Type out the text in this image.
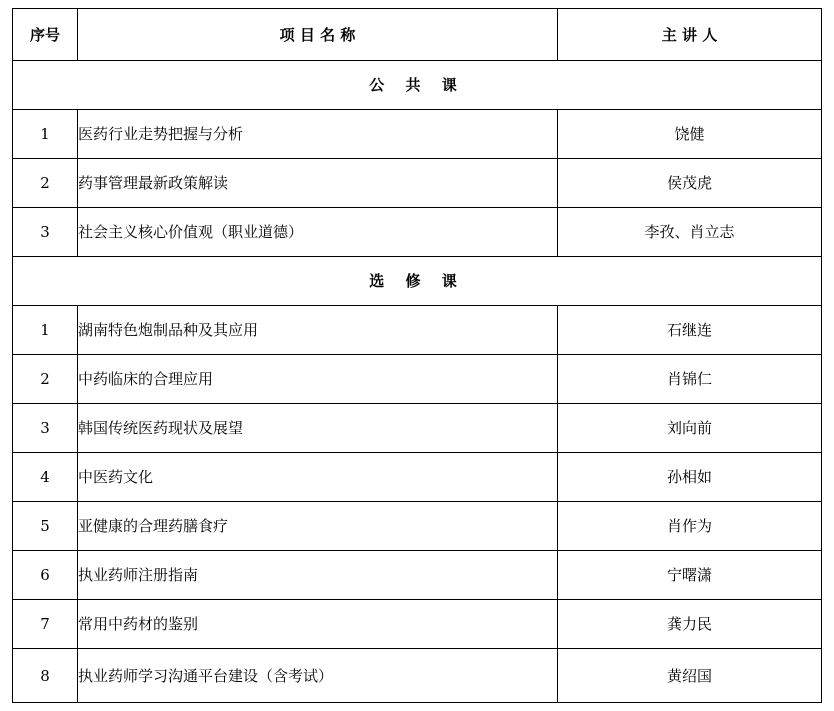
序号	项 目 名 称	主 讲 人
公 共 课		
1	医药行业走势把握与分析	饶健
2	药事管理最新政策解读	侯茂虎
3	社会主义核心价值观（职业道德）	李孜、肖立志
选 修 课		
1	湖南特色炮制品种及其应用	石继连
2	中药临床的合理应用	肖锦仁
3	韩国传统医药现状及展望	刘向前
4	中医药文化	孙相如
5	亚健康的合理药膳食疗	肖作为
6	执业药师注册指南	宁曙潇
7	常用中药材的鉴别	龚力民
8	执业药师学习沟通平台建设（含考试）	黄绍国
